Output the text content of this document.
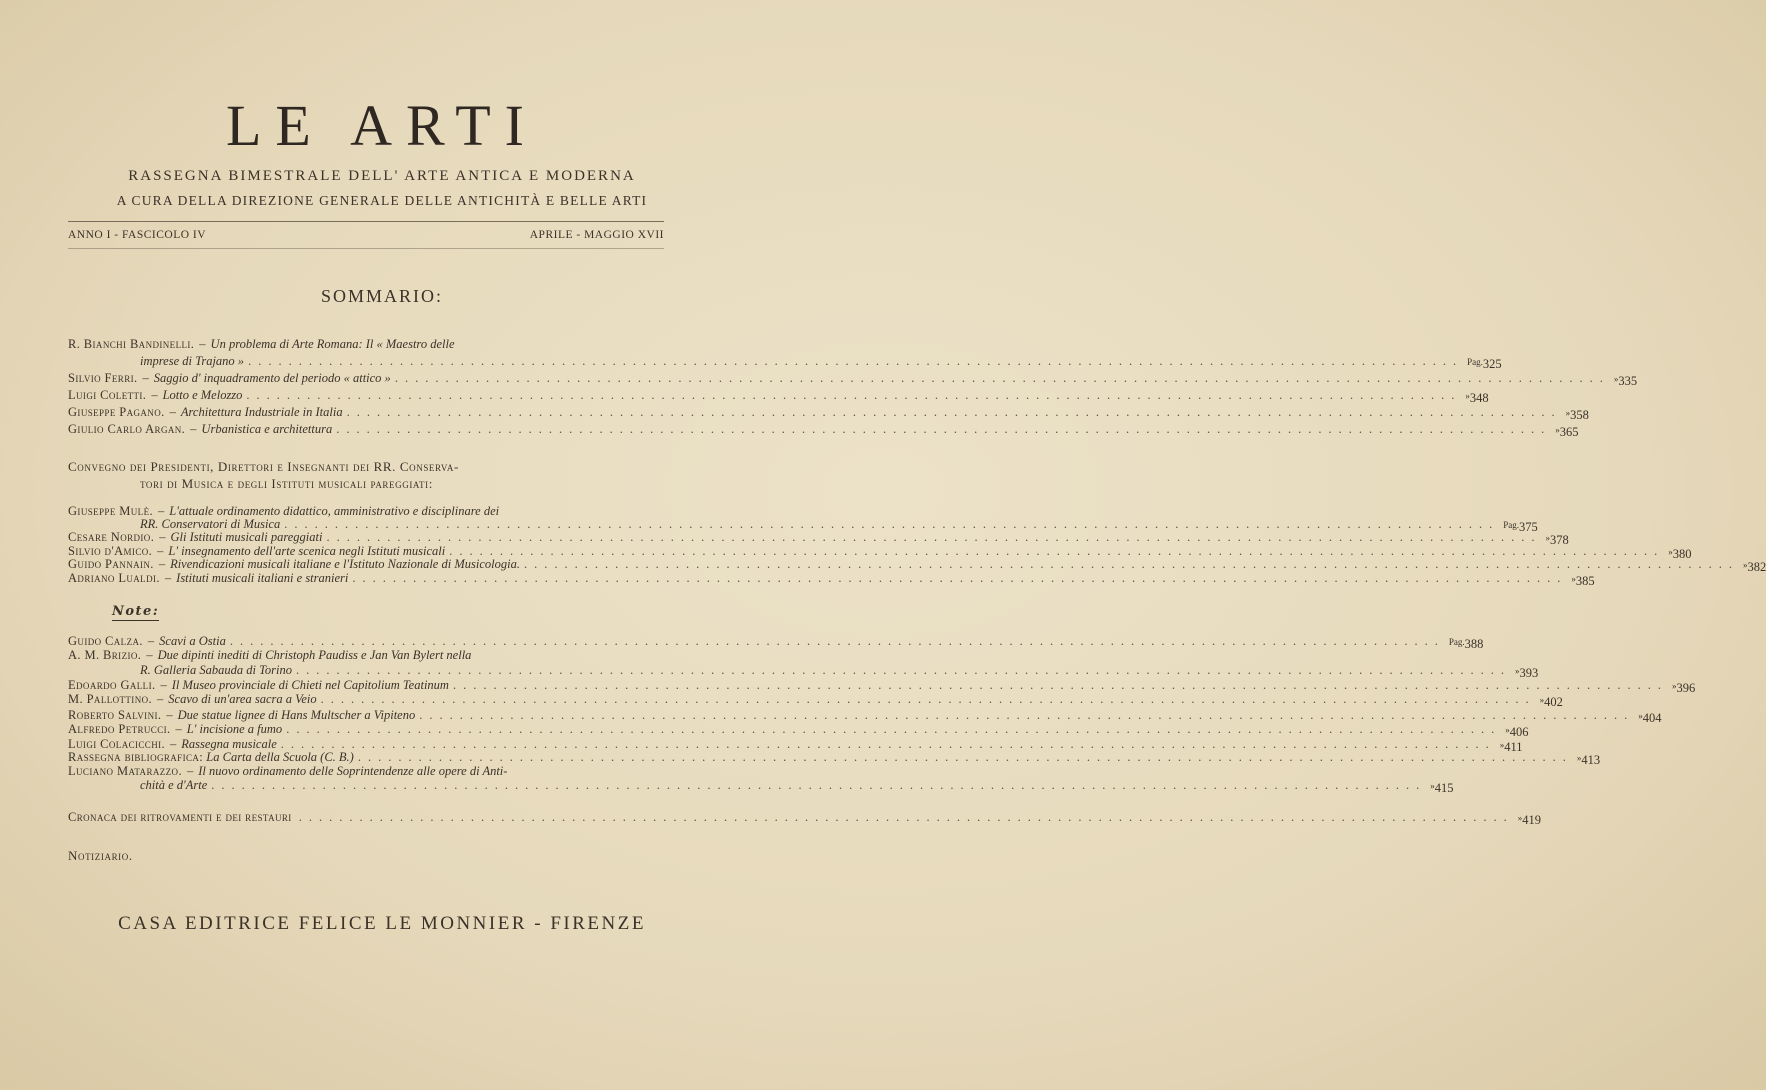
LE ARTI
RASSEGNA BIMESTRALE DELL' ARTE ANTICA E MODERNA
A CURA DELLA DIREZIONE GENERALE DELLE ANTICHITÀ E BELLE ARTI
ANNO I - FASCICOLO IV	APRILE - MAGGIO XVII
SOMMARIO:
Convegno dei Presidenti, Direttori e Insegnanti dei RR. Conserva-
tori di Musica e degli Istituti musicali pareggiati:
Note:
Notiziario.
CASA EDITRICE FELICE LE MONNIER - FIRENZE
R. Bianchi Bandinelli. – Un problema di Arte Romana: Il « Maestro delle
imprese di Trajano » ........................................................................................................................ Pag. 325
Silvio Ferri. – Saggio d' inquadramento del periodo « attico » ........................................................................................................................ » 335
Luigi Coletti. – Lotto e Melozzo ........................................................................................................................ » 348
Giuseppe Pagano. – Architettura Industriale in Italia ........................................................................................................................ » 358
Giulio Carlo Argan. – Urbanistica e architettura ........................................................................................................................ » 365
Giuseppe Mulè. – L'attuale ordinamento didattico, amministrativo e disciplinare dei
RR. Conservatori di Musica ........................................................................................................................ Pag. 375
Cesare Nordio. – Gli Istituti musicali pareggiati ........................................................................................................................ » 378
Silvio d'Amico. – L' insegnamento dell'arte scenica negli Istituti musicali ........................................................................................................................ » 380
Guido Pannain. – Rivendicazioni musicali italiane e l'Istituto Nazionale di Musicologia. ........................................................................................................................ » 382
Adriano Lualdi. – Istituti musicali italiani e stranieri ........................................................................................................................ » 385
Guido Calza. – Scavi a Ostia ........................................................................................................................ Pag. 388
A. M. Brizio. – Due dipinti inediti di Christoph Paudiss e Jan Van Bylert nella
R. Galleria Sabauda di Torino ........................................................................................................................ » 393
Edoardo Galli. – Il Museo provinciale di Chieti nel Capitolium Teatinum ........................................................................................................................ » 396
M. Pallottino. – Scavo di un'area sacra a Veio ........................................................................................................................ » 402
Roberto Salvini. – Due statue lignee di Hans Multscher a Vipiteno ........................................................................................................................ » 404
Alfredo Petrucci. – L' incisione a fumo ........................................................................................................................ » 406
Luigi Colacicchi. – Rassegna musicale ........................................................................................................................ » 411
Rassegna bibliografica:
La Carta della Scuola (C. B.) ........................................................................................................................ » 413
Luciano Matarazzo. – Il nuovo ordinamento delle Soprintendenze alle opere di Anti-
chità e d'Arte ........................................................................................................................ » 415
Cronaca dei ritrovamenti e dei restauri
........................................................................................................................ » 419
